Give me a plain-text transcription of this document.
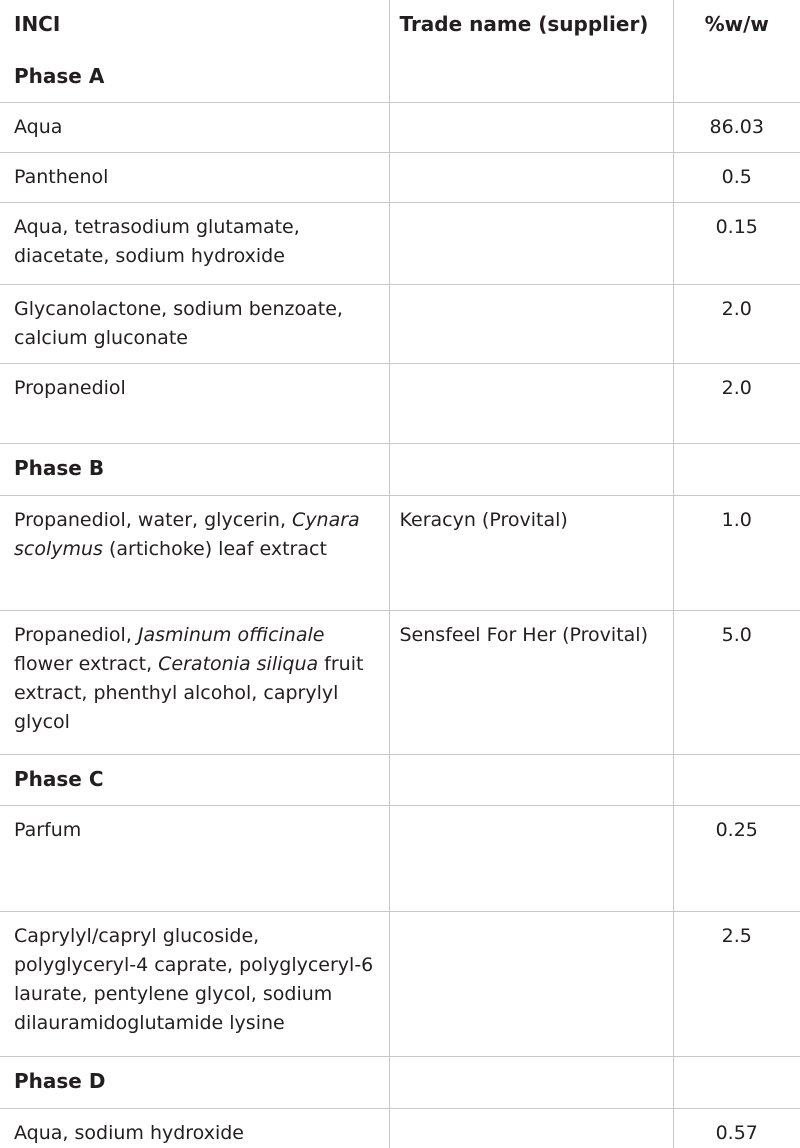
INCI	Trade name (supplier)	%w/w
Phase A		
Aqua		86.03
Panthenol		0.5
Aqua, tetrasodium glutamate, diacetate, sodium hydroxide		0.15
Glycanolactone, sodium benzoate, calcium gluconate		2.0
Propanediol		2.0
Phase B		
Propanediol, water, glycerin, Cynara scolymus (artichoke) leaf extract	Keracyn (Provital)	1.0
Propanediol, Jasminum officinale flower extract, Ceratonia siliqua fruit extract, phenthyl alcohol, caprylyl glycol	Sensfeel For Her (Provital)	5.0
Phase C		
Parfum		0.25
Caprylyl/capryl glucoside, polyglyceryl-4 caprate, polyglyceryl-6 laurate, pentylene glycol, sodium dilauramidoglutamide lysine		2.5
Phase D		
Aqua, sodium hydroxide		0.57
